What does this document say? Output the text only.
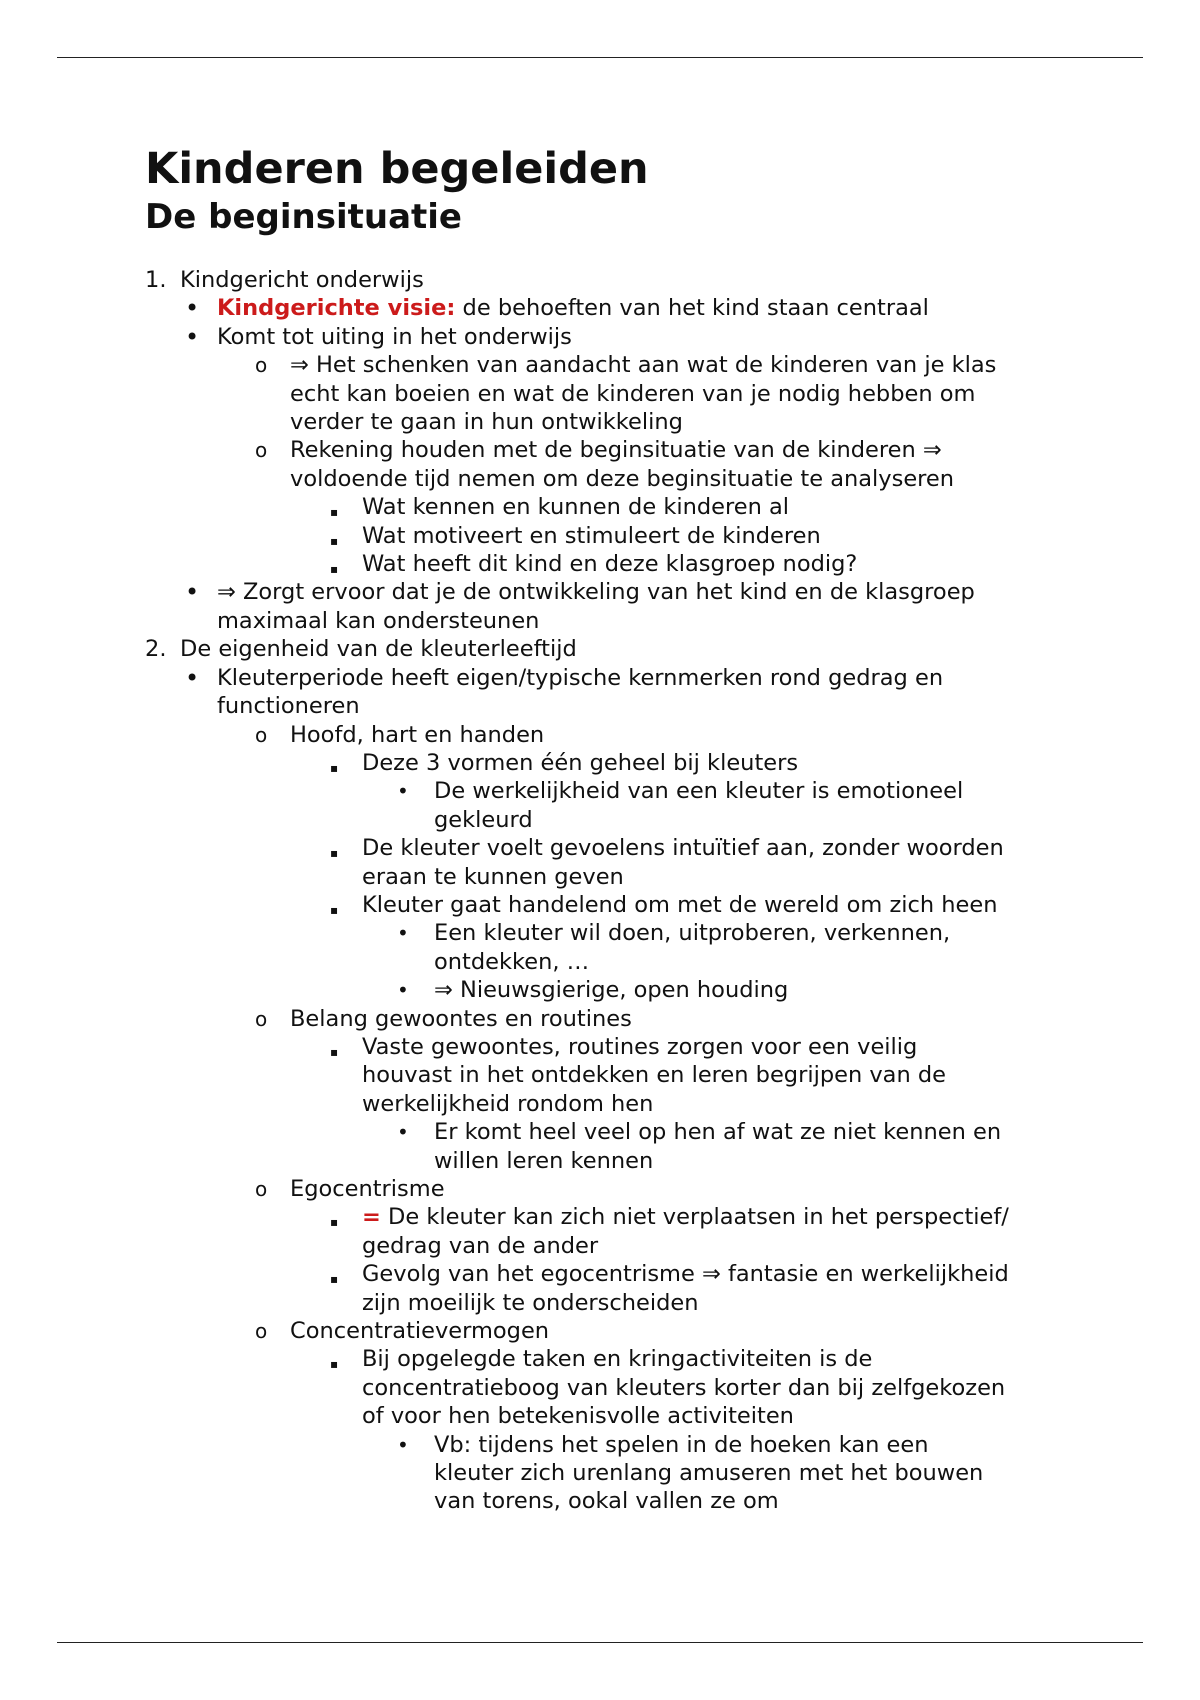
Kinderen begeleiden
De beginsituatie
1. Kindgericht onderwijs
• Kindgerichte visie: de behoeften van het kind staan centraal
• Komt tot uiting in het onderwijs
o ⇒ Het schenken van aandacht aan wat de kinderen van je klas
echt kan boeien en wat de kinderen van je nodig hebben om
verder te gaan in hun ontwikkeling
o Rekening houden met de beginsituatie van de kinderen ⇒
voldoende tijd nemen om deze beginsituatie te analyseren
▪ Wat kennen en kunnen de kinderen al
▪ Wat motiveert en stimuleert de kinderen
▪ Wat heeft dit kind en deze klasgroep nodig?
• ⇒ Zorgt ervoor dat je de ontwikkeling van het kind en de klasgroep
maximaal kan ondersteunen
2. De eigenheid van de kleuterleeftijd
• Kleuterperiode heeft eigen/typische kernmerken rond gedrag en
functioneren
o Hoofd, hart en handen
▪ Deze 3 vormen één geheel bij kleuters
• De werkelijkheid van een kleuter is emotioneel
gekleurd
▪ De kleuter voelt gevoelens intuïtief aan, zonder woorden
eraan te kunnen geven
▪ Kleuter gaat handelend om met de wereld om zich heen
• Een kleuter wil doen, uitproberen, verkennen,
ontdekken, …
• ⇒ Nieuwsgierige, open houding
o Belang gewoontes en routines
▪ Vaste gewoontes, routines zorgen voor een veilig
houvast in het ontdekken en leren begrijpen van de
werkelijkheid rondom hen
• Er komt heel veel op hen af wat ze niet kennen en
willen leren kennen
o Egocentrisme
▪ = De kleuter kan zich niet verplaatsen in het perspectief/
gedrag van de ander
▪ Gevolg van het egocentrisme ⇒ fantasie en werkelijkheid
zijn moeilijk te onderscheiden
o Concentratievermogen
▪ Bij opgelegde taken en kringactiviteiten is de
concentratieboog van kleuters korter dan bij zelfgekozen
of voor hen betekenisvolle activiteiten
• Vb: tijdens het spelen in de hoeken kan een
kleuter zich urenlang amuseren met het bouwen
van torens, ookal vallen ze om
